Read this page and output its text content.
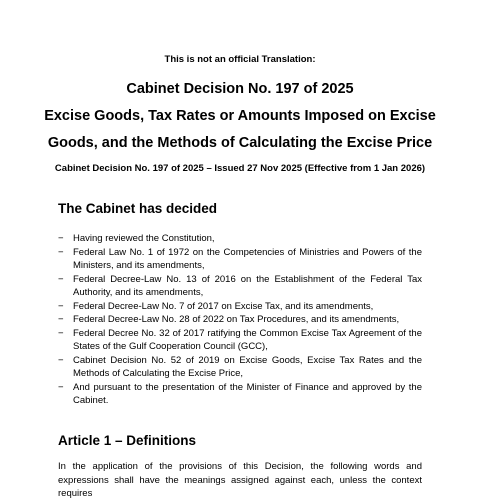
This is not an official Translation:
Cabinet Decision No. 197 of 2025
Excise Goods, Tax Rates or Amounts Imposed on Excise
Goods, and the Methods of Calculating the Excise Price
Cabinet Decision No. 197 of 2025 – Issued 27 Nov 2025 (Effective from 1 Jan 2026)
The Cabinet has decided
− Having reviewed the Constitution,
− Federal Law No. 1 of 1972 on the Competencies of Ministries and Powers of the Ministers, and its amendments,
− Federal Decree-Law No. 13 of 2016 on the Establishment of the Federal Tax Authority, and its amendments,
− Federal Decree-Law No. 7 of 2017 on Excise Tax, and its amendments,
− Federal Decree-Law No. 28 of 2022 on Tax Procedures, and its amendments,
− Federal Decree No. 32 of 2017 ratifying the Common Excise Tax Agreement of the States of the Gulf Cooperation Council (GCC),
− Cabinet Decision No. 52 of 2019 on Excise Goods, Excise Tax Rates and the Methods of Calculating the Excise Price,
− And pursuant to the presentation of the Minister of Finance and approved by the Cabinet.
Article 1 – Definitions
In the application of the provisions of this Decision, the following words and expressions shall have the meanings assigned against each, unless the context requires
